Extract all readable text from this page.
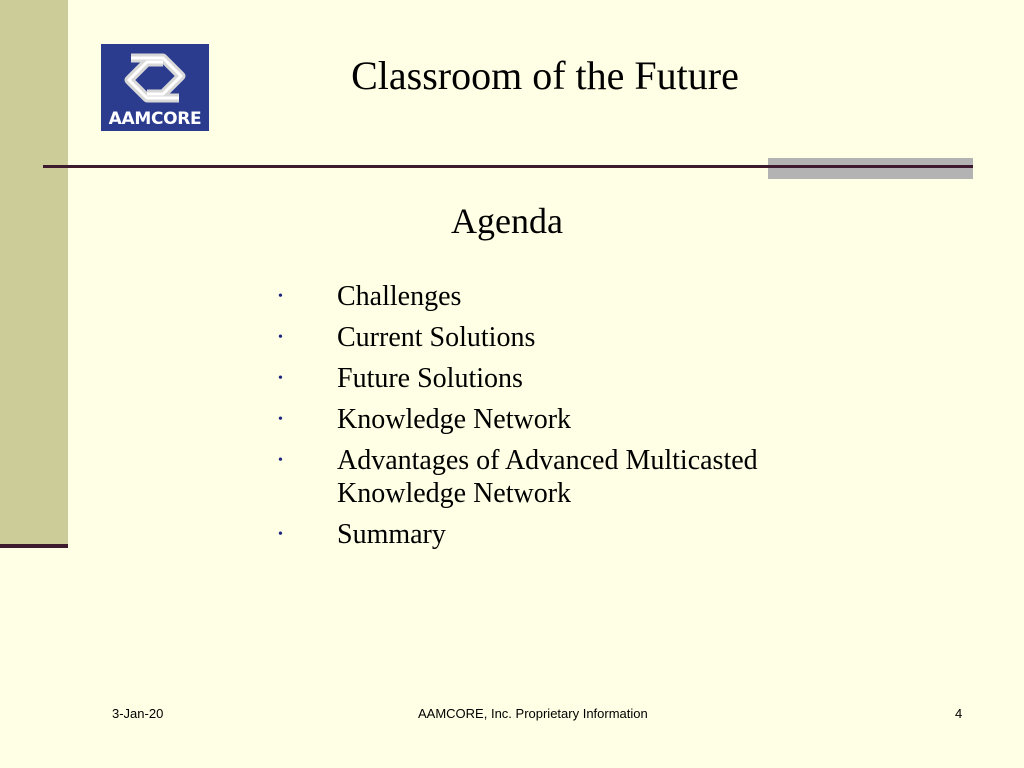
AAMCORE
Classroom of the Future
Agenda
• Challenges
• Current Solutions
• Future Solutions
• Knowledge Network
• Advantages of Advanced Multicasted Knowledge Network
• Summary
3-Jan-20	AAMCORE, Inc. Proprietary Information	4
